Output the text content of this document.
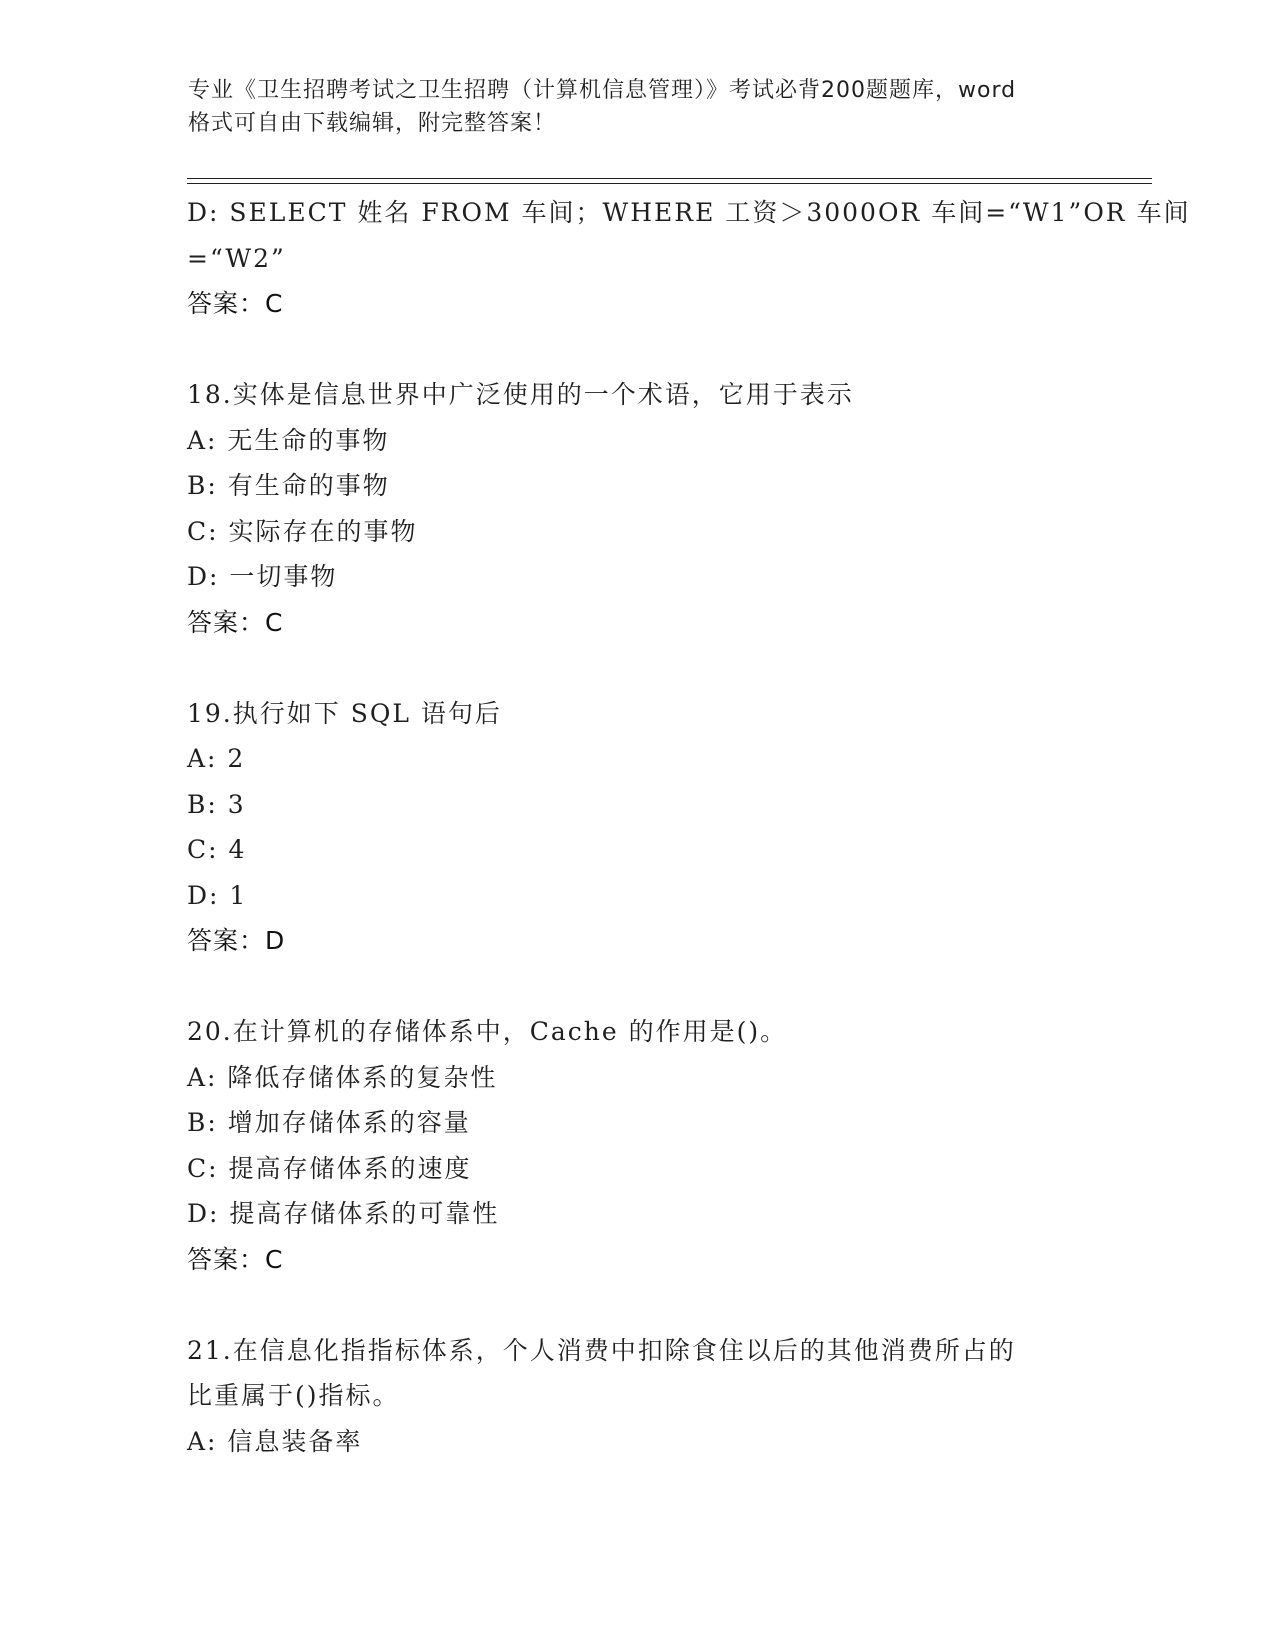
专业《卫生招聘考试之卫生招聘（计算机信息管理）》考试必背200题题库，word
格式可自由下载编辑，附完整答案！
D: SELECT 姓名 FROM 车间；WHERE 工资＞3000OR 车间=“W1”OR 车间
=“W2”
答案：C
18.实体是信息世界中广泛使用的一个术语，它用于表示
A: 无生命的事物
B: 有生命的事物
C: 实际存在的事物
D: 一切事物
答案：C
19.执行如下 SQL 语句后
A: 2
B: 3
C: 4
D: 1
答案：D
20.在计算机的存储体系中，Cache 的作用是()。
A: 降低存储体系的复杂性
B: 增加存储体系的容量
C: 提高存储体系的速度
D: 提高存储体系的可靠性
答案：C
21.在信息化指指标体系，个人消费中扣除食住以后的其他消费所占的
比重属于()指标。
A: 信息装备率
